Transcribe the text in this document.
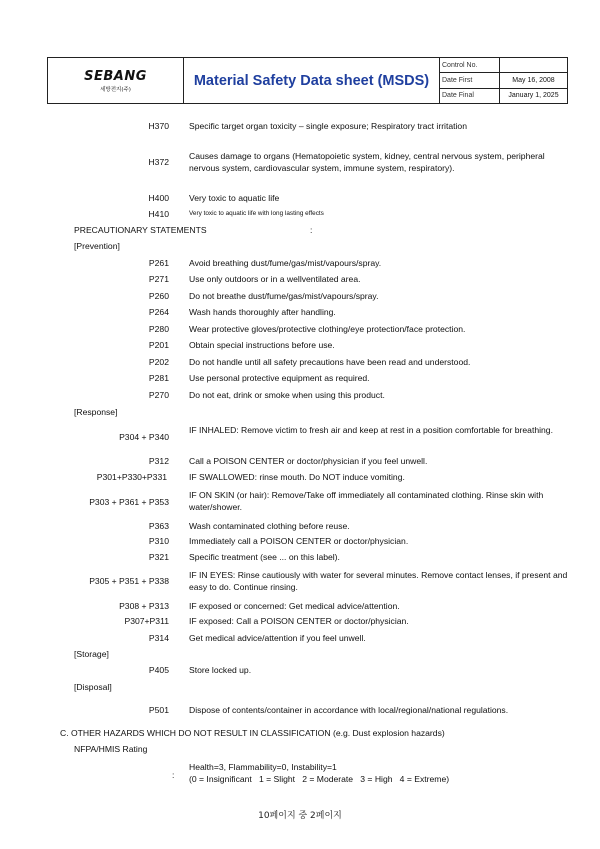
SEBANG
세방전지(주)
Material Safety Data sheet (MSDS)
Control No.
Date First	May 16, 2008
Date Final	January 1, 2025
H370 Specific target organ toxicity – single exposure; Respiratory tract irritation
H372
Causes damage to organs (Hematopoietic system, kidney, central nervous system, peripheral nervous system, cardiovascular system, immune system, respiratory).
H400 Very toxic to aquatic life
H410	Very toxic to aquatic life with long lasting effects
PRECAUTIONARY STATEMENTS	:
[Prevention]
P261 Avoid breathing dust/fume/gas/mist/vapours/spray.
P271 Use only outdoors or in a wellventilated area.
P260 Do not breathe dust/fume/gas/mist/vapours/spray.
P264 Wash hands thoroughly after handling.
P280 Wear protective gloves/protective clothing/eye protection/face protection.
P201 Obtain special instructions before use.
P202 Do not handle until all safety precautions have been read and understood.
P281 Use personal protective equipment as required.
P270 Do not eat, drink or smoke when using this product.
[Response]
P304 + P340
IF INHALED: Remove victim to fresh air and keep at rest in a position comfortable for breathing.
P312 Call a POISON CENTER or doctor/physician if you feel unwell.
P301+P330+P331	IF SWALLOWED: rinse mouth. Do NOT induce vomiting.
P303 + P361 + P353
IF ON SKIN (or hair): Remove/Take off immediately all contaminated clothing. Rinse skin with water/shower.
P363 Wash contaminated clothing before reuse.
P310 Immediately call a POISON CENTER or doctor/physician.
P321 Specific treatment (see ... on this label).
P305 + P351 + P338
IF IN EYES: Rinse cautiously with water for several minutes. Remove contact lenses, if present and easy to do. Continue rinsing.
P308 + P313 IF exposed or concerned: Get medical advice/attention.
P307+P311 IF exposed: Call a POISON CENTER or doctor/physician.
P314 Get medical advice/attention if you feel unwell.
[Storage]
P405 Store locked up.
[Disposal]
P501 Dispose of contents/container in accordance with local/regional/national regulations.
C. OTHER HAZARDS WHICH DO NOT RESULT IN CLASSIFICATION (e.g. Dust explosion hazards)
NFPA/HMIS Rating
:
Health=3, Flammability=0, Instability=1
(0 = Insignificant   1 = Slight   2 = Moderate   3 = High   4 = Extreme)
10페이지 중 2페이지
